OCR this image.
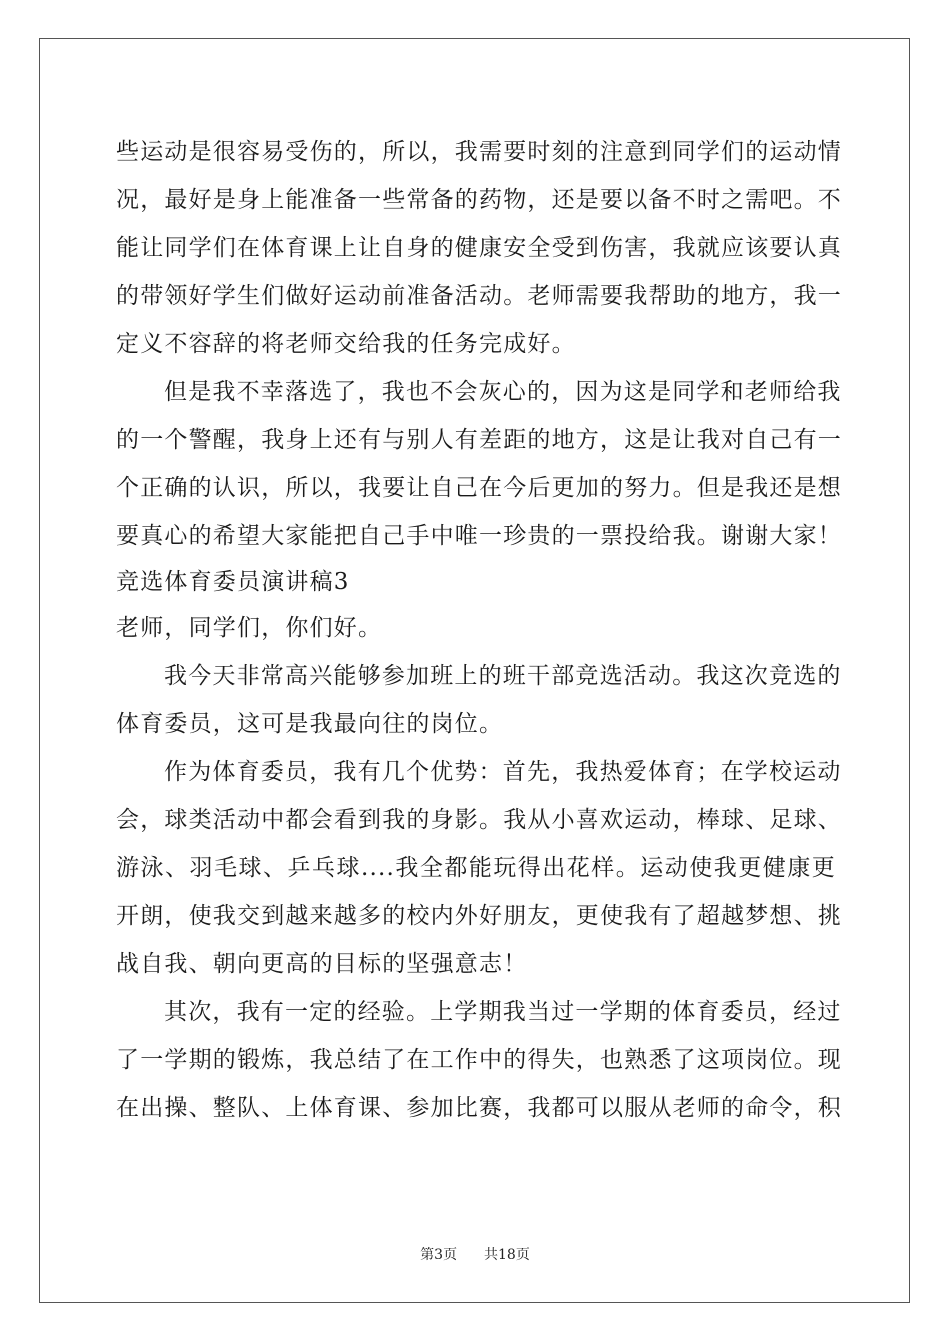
些运动是很容易受伤的，所以，我需要时刻的注意到同学们的运动情
况，最好是身上能准备一些常备的药物，还是要以备不时之需吧。不
能让同学们在体育课上让自身的健康安全受到伤害，我就应该要认真
的带领好学生们做好运动前准备活动。老师需要我帮助的地方，我一
定义不容辞的将老师交给我的任务完成好。
但是我不幸落选了，我也不会灰心的，因为这是同学和老师给我
的一个警醒，我身上还有与别人有差距的地方，这是让我对自己有一
个正确的认识，所以，我要让自己在今后更加的努力。但是我还是想
要真心的希望大家能把自己手中唯一珍贵的一票投给我。谢谢大家！
竞选体育委员演讲稿3
老师，同学们，你们好。
我今天非常高兴能够参加班上的班干部竞选活动。我这次竞选的
体育委员，这可是我最向往的岗位。
作为体育委员，我有几个优势：首先，我热爱体育；在学校运动
会，球类活动中都会看到我的身影。我从小喜欢运动，棒球、足球、
游泳、羽毛球、乒乓球....我全都能玩得出花样。运动使我更健康更
开朗，使我交到越来越多的校内外好朋友，更使我有了超越梦想、挑
战自我、朝向更高的目标的坚强意志！
其次，我有一定的经验。上学期我当过一学期的体育委员，经过
了一学期的锻炼，我总结了在工作中的得失，也熟悉了这项岗位。现
在出操、整队、上体育课、参加比赛，我都可以服从老师的命令，积
第3页 共18页
